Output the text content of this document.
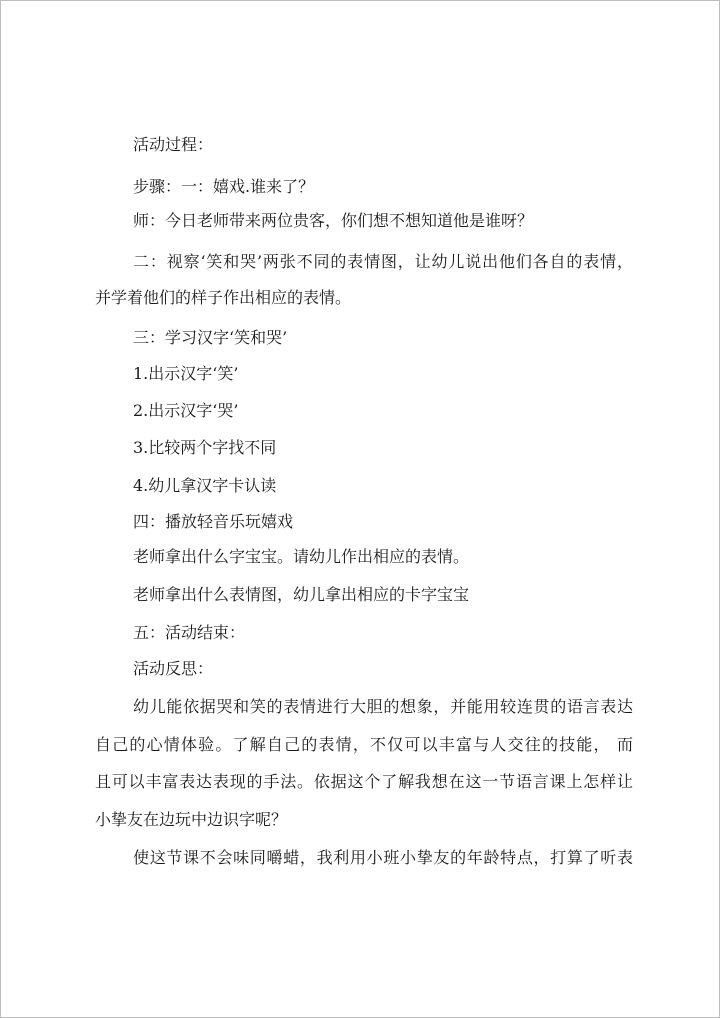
活动过程：
步骤：一：嬉戏.谁来了？
师：今日老师带来两位贵客，你们想不想知道他是谁呀？
二：视察‘笑和哭’两张不同的表情图，让幼儿说出他们各自的表情，
并学着他们的样子作出相应的表情。
三：学习汉字‘笑和哭’
1.出示汉字‘笑’
2.出示汉字‘哭’
3.比较两个字找不同
4.幼儿拿汉字卡认读
四：播放轻音乐玩嬉戏
老师拿出什么字宝宝。请幼儿作出相应的表情。
老师拿出什么表情图，幼儿拿出相应的卡字宝宝
五：活动结束：
活动反思：
幼儿能依据哭和笑的表情进行大胆的想象，并能用较连贯的语言表达
自己的心情体验。了解自己的表情，不仅可以丰富与人交往的技能， 而
且可以丰富表达表现的手法。依据这个了解我想在这一节语言课上怎样让
小挚友在边玩中边识字呢？
使这节课不会味同嚼蜡，我利用小班小挚友的年龄特点，打算了听表
